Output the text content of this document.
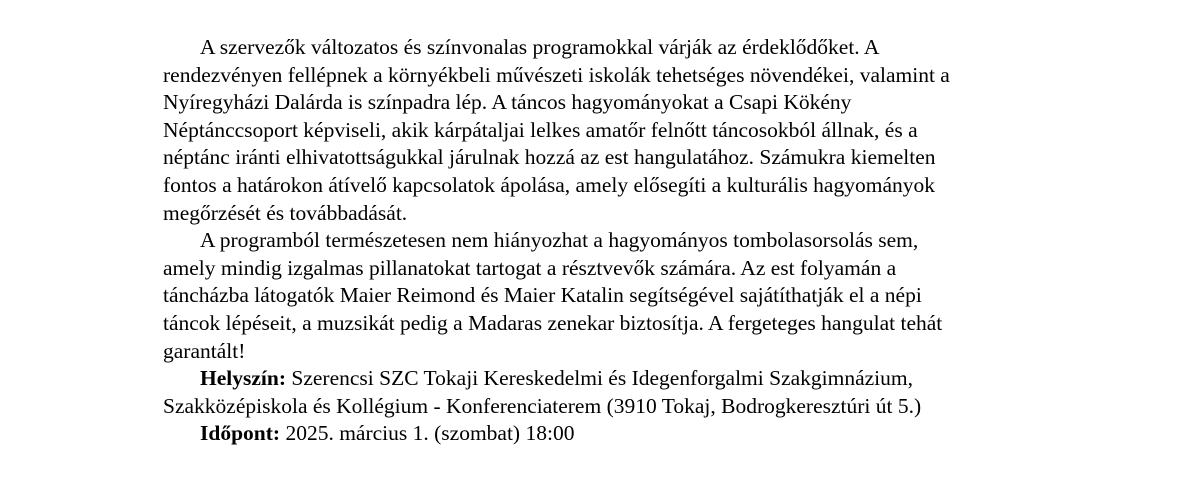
A szervezők változatos és színvonalas programokkal várják az érdeklődőket. A
rendezvényen fellépnek a környékbeli művészeti iskolák tehetséges növendékei, valamint a
Nyíregyházi Dalárda is színpadra lép. A táncos hagyományokat a Csapi Kökény
Néptánccsoport képviseli, akik kárpátaljai lelkes amatőr felnőtt táncosokból állnak, és a
néptánc iránti elhivatottságukkal járulnak hozzá az est hangulatához. Számukra kiemelten
fontos a határokon átívelő kapcsolatok ápolása, amely elősegíti a kulturális hagyományok
megőrzését és továbbadását.
A programból természetesen nem hiányozhat a hagyományos tombolasorsolás sem,
amely mindig izgalmas pillanatokat tartogat a résztvevők számára. Az est folyamán a
táncházba látogatók Maier Reimond és Maier Katalin segítségével sajátíthatják el a népi
táncok lépéseit, a muzsikát pedig a Madaras zenekar biztosítja. A fergeteges hangulat tehát
garantált!
Helyszín: Szerencsi SZC Tokaji Kereskedelmi és Idegenforgalmi Szakgimnázium,
Szakközépiskola és Kollégium - Konferenciaterem (3910 Tokaj, Bodrogkeresztúri út 5.)
Időpont: 2025. március 1. (szombat) 18:00
